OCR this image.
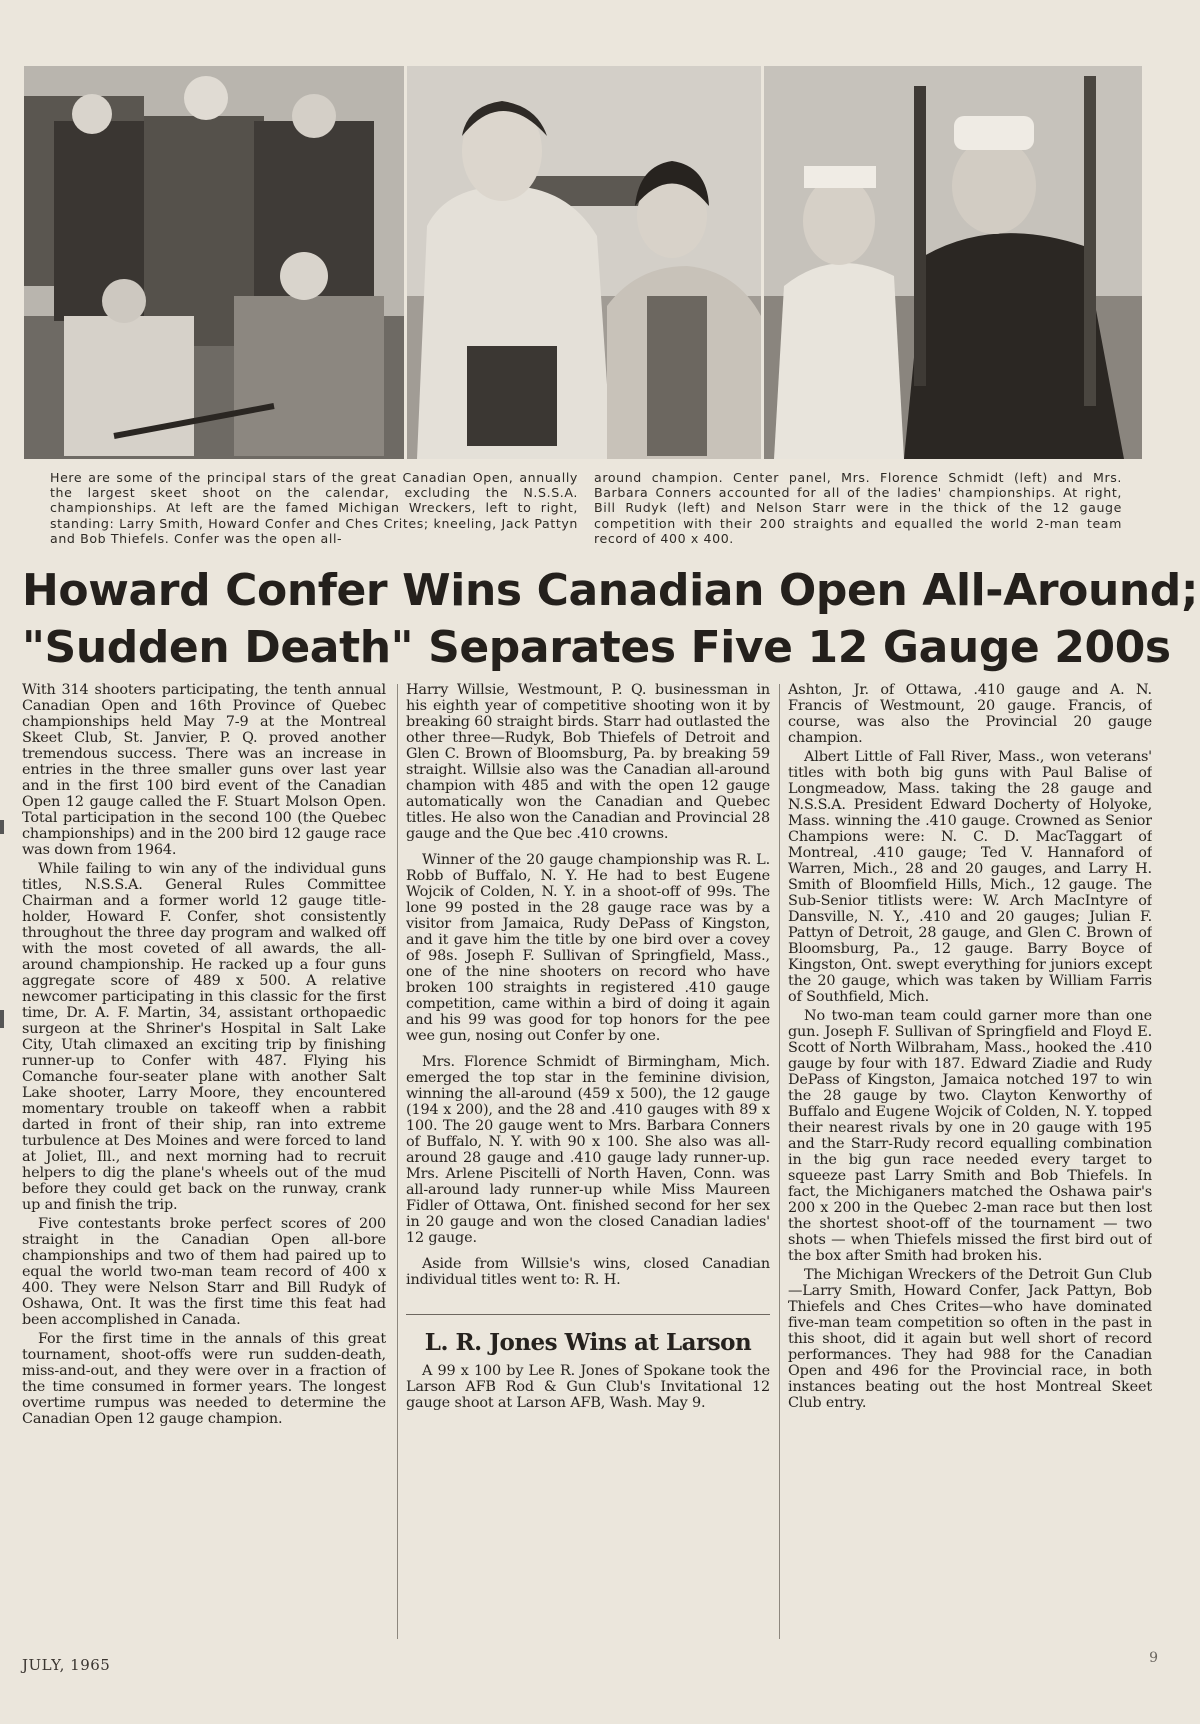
Here are some of the principal stars of the great Canadian Open, annually the largest skeet shoot on the calendar, excluding the N.S.S.A. championships. At left are the famed Michigan Wreckers, left to right, standing: Larry Smith, Howard Confer and Ches Crites; kneeling, Jack Pattyn and Bob Thiefels. Confer was the open all-

around champion. Center panel, Mrs. Florence Schmidt (left) and Mrs. Barbara Conners accounted for all of the ladies' championships. At right, Bill Rudyk (left) and Nelson Starr were in the thick of the 12 gauge competition with their 200 straights and equalled the world 2-man team record of 400 x 400.

Howard Confer Wins Canadian Open All-Around;
"Sudden Death" Separates Five 12 Gauge 200s

With 314 shooters participating, the tenth annual Canadian Open and 16th Province of Quebec championships held May 7-9 at the Montreal Skeet Club, St. Janvier, P. Q. proved another tremendous success. There was an increase in entries in the three smaller guns over last year and in the first 100 bird event of the Canadian Open 12 gauge called the F. Stuart Molson Open. Total participation in the second 100 (the Quebec championships) and in the 200 bird 12 gauge race was down from 1964.

While failing to win any of the individual guns titles, N.S.S.A. General Rules Committee Chairman and a former world 12 gauge title-holder, Howard F. Confer, shot consistently throughout the three day program and walked off with the most coveted of all awards, the all-around championship. He racked up a four guns aggregate score of 489 x 500. A relative newcomer participating in this classic for the first time, Dr. A. F. Martin, 34, assistant orthopaedic surgeon at the Shriner's Hospital in Salt Lake City, Utah climaxed an exciting trip by finishing runner-up to Confer with 487. Flying his Comanche four-seater plane with another Salt Lake shooter, Larry Moore, they encountered momentary trouble on takeoff when a rabbit darted in front of their ship, ran into extreme turbulence at Des Moines and were forced to land at Joliet, Ill., and next morning had to recruit helpers to dig the plane's wheels out of the mud before they could get back on the runway, crank up and finish the trip.

Five contestants broke perfect scores of 200 straight in the Canadian Open all-bore championships and two of them had paired up to equal the world two-man team record of 400 x 400. They were Nelson Starr and Bill Rudyk of Oshawa, Ont. It was the first time this feat had been accomplished in Canada.

For the first time in the annals of this great tournament, shoot-offs were run sudden-death, miss-and-out, and they were over in a fraction of the time consumed in former years. The longest overtime rumpus was needed to determine the Canadian Open 12 gauge champion.

Harry Willsie, Westmount, P. Q. businessman in his eighth year of competitive shooting won it by breaking 60 straight birds. Starr had outlasted the other three—Rudyk, Bob Thiefels of Detroit and Glen C. Brown of Bloomsburg, Pa. by breaking 59 straight. Willsie also was the Canadian all-around champion with 485 and with the open 12 gauge automatically won the Canadian and Quebec titles. He also won the Canadian and Provincial 28 gauge and the Que bec .410 crowns.

Winner of the 20 gauge championship was R. L. Robb of Buffalo, N. Y. He had to best Eugene Wojcik of Colden, N. Y. in a shoot-off of 99s. The lone 99 posted in the 28 gauge race was by a visitor from Jamaica, Rudy DePass of Kingston, and it gave him the title by one bird over a covey of 98s. Joseph F. Sullivan of Springfield, Mass., one of the nine shooters on record who have broken 100 straights in registered .410 gauge competition, came within a bird of doing it again and his 99 was good for top honors for the pee wee gun, nosing out Confer by one.

Mrs. Florence Schmidt of Birmingham, Mich. emerged the top star in the feminine division, winning the all-around (459 x 500), the 12 gauge (194 x 200), and the 28 and .410 gauges with 89 x 100. The 20 gauge went to Mrs. Barbara Conners of Buffalo, N. Y. with 90 x 100. She also was all-around 28 gauge and .410 gauge lady runner-up. Mrs. Arlene Piscitelli of North Haven, Conn. was all-around lady runner-up while Miss Maureen Fidler of Ottawa, Ont. finished second for her sex in 20 gauge and won the closed Canadian ladies' 12 gauge.

Aside from Willsie's wins, closed Canadian individual titles went to: R. H.

L. R. Jones Wins at Larson

A 99 x 100 by Lee R. Jones of Spokane took the Larson AFB Rod & Gun Club's Invitational 12 gauge shoot at Larson AFB, Wash. May 9.

Ashton, Jr. of Ottawa, .410 gauge and A. N. Francis of Westmount, 20 gauge. Francis, of course, was also the Provincial 20 gauge champion.

Albert Little of Fall River, Mass., won veterans' titles with both big guns with Paul Balise of Longmeadow, Mass. taking the 28 gauge and N.S.S.A. President Edward Docherty of Holyoke, Mass. winning the .410 gauge. Crowned as Senior Champions were: N. C. D. MacTaggart of Montreal, .410 gauge; Ted V. Hannaford of Warren, Mich., 28 and 20 gauges, and Larry H. Smith of Bloomfield Hills, Mich., 12 gauge. The Sub-Senior titlists were: W. Arch MacIntyre of Dansville, N. Y., .410 and 20 gauges; Julian F. Pattyn of Detroit, 28 gauge, and Glen C. Brown of Bloomsburg, Pa., 12 gauge. Barry Boyce of Kingston, Ont. swept everything for juniors except the 20 gauge, which was taken by William Farris of Southfield, Mich.

No two-man team could garner more than one gun. Joseph F. Sullivan of Springfield and Floyd E. Scott of North Wilbraham, Mass., hooked the .410 gauge by four with 187. Edward Ziadie and Rudy DePass of Kingston, Jamaica notched 197 to win the 28 gauge by two. Clayton Kenworthy of Buffalo and Eugene Wojcik of Colden, N. Y. topped their nearest rivals by one in 20 gauge with 195 and the Starr-Rudy record equalling combination in the big gun race needed every target to squeeze past Larry Smith and Bob Thiefels. In fact, the Michiganers matched the Oshawa pair's 200 x 200 in the Quebec 2-man race but then lost the shortest shoot-off of the tournament — two shots — when Thiefels missed the first bird out of the box after Smith had broken his.

The Michigan Wreckers of the Detroit Gun Club—Larry Smith, Howard Confer, Jack Pattyn, Bob Thiefels and Ches Crites—who have dominated five-man team competition so often in the past in this shoot, did it again but well short of record performances. They had 988 for the Canadian Open and 496 for the Provincial race, in both instances beating out the host Montreal Skeet Club entry.

JULY, 1965	9
